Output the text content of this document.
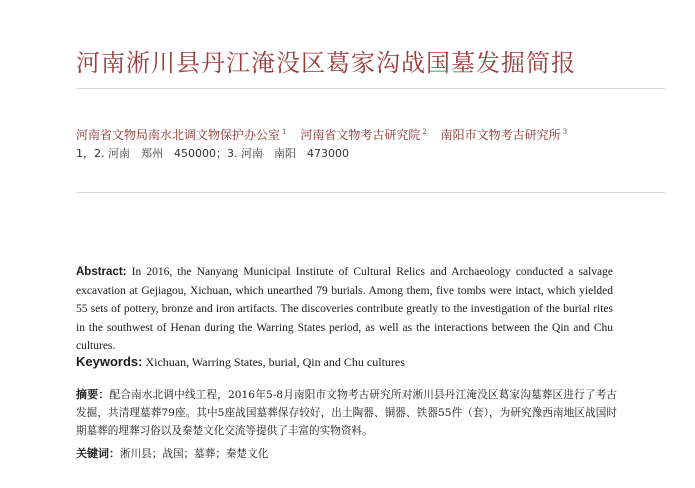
河南淅川县丹江淹没区葛家沟战国墓发掘简报
河南省文物局南水北调文物保护办公室 $^1$ 河南省文物考古研究院 $^2$ 南阳市文物考古研究所 $^3$
1，2. 河南　郑州　450000；3. 河南　南阳　473000
Abstract: In 2016, the Nanyang Municipal Institute of Cultural Relics and Archaeology conducted a salvage excavation at Gejiagou, Xichuan, which unearthed 79 burials. Among them, five tombs were intact, which yielded 55 sets of pottery, bronze and iron artifacts. The discoveries contribute greatly to the investigation of the burial rites in the southwest of Henan during the Warring States period, as well as the interactions between the Qin and Chu cultures.
Keywords: Xichuan, Warring States, burial, Qin and Chu cultures
摘要：配合南水北调中线工程，2016年5-8月南阳市文物考古研究所对淅川县丹江淹没区葛家沟墓葬区进行了考古发掘，共清理墓葬79座。其中5座战国墓葬保存较好，出土陶器、铜器、铁器55件（套），为研究豫西南地区战国时期墓葬的埋葬习俗以及秦楚文化交流等提供了丰富的实物资料。
关键词：淅川县；战国；墓葬；秦楚文化
